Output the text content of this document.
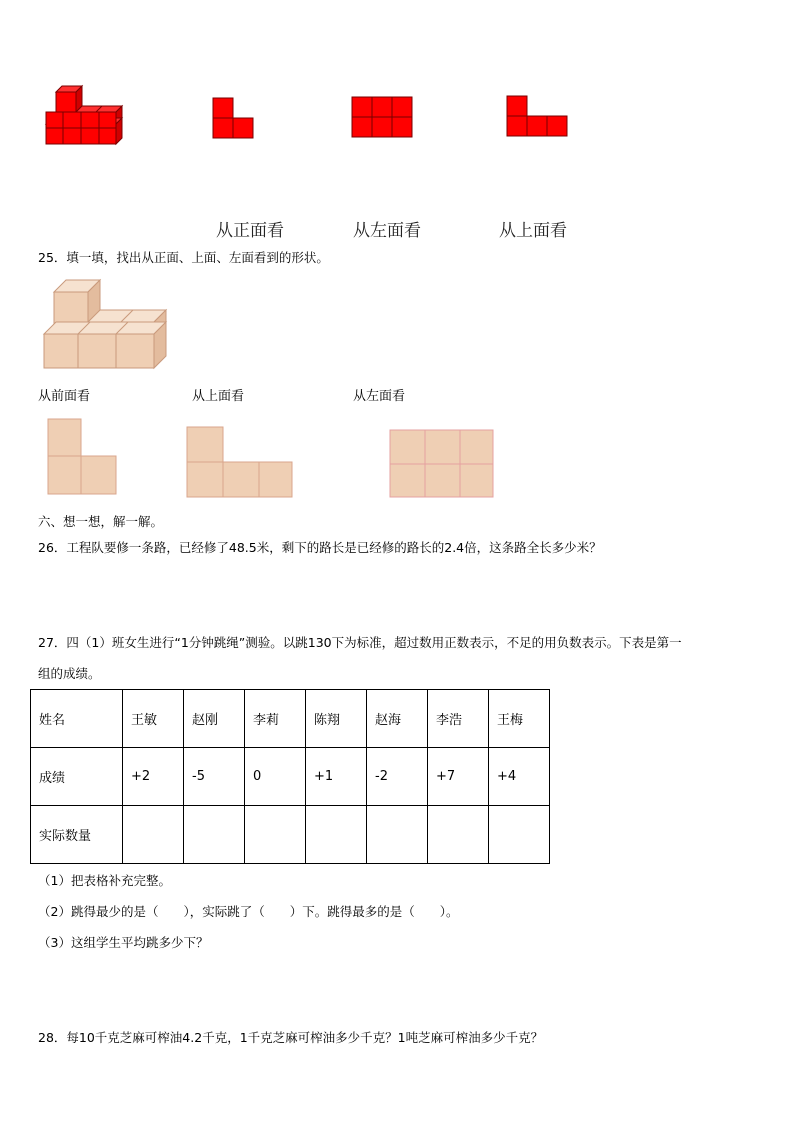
从正面看	从左面看	从上面看
25．填一填，找出从正面、上面、左面看到的形状。
从前面看	从上面看	从左面看
六、想一想，解一解。
26．工程队要修一条路，已经修了48.5米，剩下的路长是已经修的路长的2.4倍，这条路全长多少米？
27．四（1）班女生进行“1分钟跳绳”测验。以跳130下为标准，超过数用正数表示，不足的用负数表示。下表是第一
组的成绩。
姓名	王敏	赵刚	李莉	陈翔	赵海	李浩	王梅
成绩	+2	-5	0	+1	-2	+7	+4
实际数量							
（1）把表格补充完整。
（2）跳得最少的是（　　），实际跳了（　　）下。跳得最多的是（　　）。
（3）这组学生平均跳多少下？
28．每10千克芝麻可榨油4.2千克，1千克芝麻可榨油多少千克？1吨芝麻可榨油多少千克？
